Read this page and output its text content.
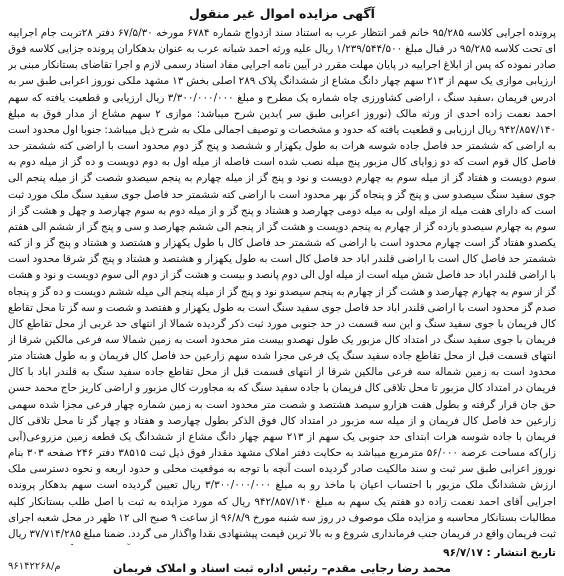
آگهی مزایده اموال غیر منقول

پرونده اجرایی کلاسه ۹۵/۲۸۵ خانم قمر انتظار عرب به استناد سند ازدواج شماره ۶۷۸۴ مورخه ۶۷/۵/۳۰ دفتر ۲۸تربت جام اجراییه ای تحت کلاسه ۹۵/۲۸۵ در قبال مبلغ ۱/۲۳۹/۵۴۴/۵۰۰ ریال علیه ورثه احمد شبانه عرب به عنوان بدهکاران پرونده جزایی کلاسه فوق صادر نموده که پس از ابلاغ اجراییه در پایان مهلت مقرر در آیین نامه اجرایی مفاد اسناد رسمی لازم و اجرا تقاضای بستانکار مبنی بر ارزیابی موازی یک سهم از ۲۱۳ سهم چهار دانگ مشاع از ششدانگ پلاک ۲۸۹ اصلی بخش ۱۳ مشهد ملکی نوروز اعرابی طبق سر به ادرس فریمان ،سفید سنگ ، اراضی کشاورزی چاه شماره یک مطرح و مبلغ ۳/۳۰۰/۰۰۰/۰۰۰ ریال ارزیابی و قطعیت یافته که سهم احمد نعمت زاده احدی از ورثه مالک (نوروز اعرابی طبق سر )بدین شرح میباشد: موازی ۲ سهم مشاع از مدار فوق به مبلغ ۹۴۲/۸۵۷/۱۴۰ ریال ارزیابی و قطعیت یافته که حدود و مشخصات و توصیف اجمالی ملک به شرح ذیل میباشد: جنوبا اول محدود است به اراضی که ششمتر حد فاصل جاده شوسه هرات به طول یکهزار و ششصد و پنج گز دوم محدود است با اراضی کته ششمتر حد فاصل کال قوم است که دو زوایای کال مزبور پنج میله نصب شده است فاصله از میله اول به دوم دویست و ده گز از میله دوم به سوم دویست و هفتاد گز از میله سوم به چهارم دویست و نود و پنج گز از میله چهارم به پنجم سیصدو شصت گز از میله پنجم الی جوی سفید سنگ سیصدو سی و پنج گز و پنجاه گز بهر محدود است با اراضی کته ششمتر حد فاصل جوی سفید سنگ ملک مورد ثبت است که دارای هفت میله از میله اولی به میله دومی چهارصد و هشتاد و پنج گز و از میله دوم به سوم چهارصد و چهل و هشت گز از سوم به چهارم سیصدو یازده گز از چهارم به پنجم دویست و هشت گز از پنجم الی ششم چهارصد و سی و پنج گز از ششم الی هفتم یکصدو هفتاد گز است چهارم محدود است با اراضی که ششمتر حد فاصل کال با طول یکهزار و هشتصد و هشتاد و پنج گز و از کته ششمتر حد فاصل کال است با اراضی قلندر اباد حد فاصل کال است به طول یکهزار و هشتصد و هشتاد و پنج گز شرقا محدود است با اراضی قلندر اباد حد فاصل شش میله است از میله اول الی دوم پانصد و بیست و هشت گز از دوم الی سوم دویست و نود و هشت گز از سوم به چهارم چهارصد و هشت گز از چهارم به پنجم سیصدو نود و پنج گز از میله پنجم الی میله ششم دویست و ده گز و پنجاه صدم گز محدود است با اراضی قلندر اباد حد فاصل جوی سفید سنگ است به طول یکهزار و هفتصد و شصت و سه گز تا محل تقاطع کال فریمان با جوی سفید سنگ و این سه قسمت در حد جنوبی مورد ثبت ذکر گردیده شمالا از انتهای حد غربی از محل تقاطع کال فریمان با جوی سفید سنگ در امتداد کال مزبور یک طول نهصدو بیست متر محدود است به زمین شمالا سه فرعی مالکین شرقا از انتهای قسمت قبل از محل تقاطع جاده سفید سنگ یک فرعی مجزا شده سهم زارعین حد فاصل کال فریمان و به طول هشتاد متر محدود است به زمین شماله سه فرعی مالکین شرقا از انتهای قسمت قبل از محل تقاطع جاده سفید سنگ به قلندر اباد با کال فریمان در امتداد کال مزبور تا محل تلاقی کال فریمان با جاده سفید سنگ که به مجاورت کال مزبور و اراضی کاریز حاج محمد حسن حق جان قرار گرفته و بطول هفت هزارو سیصد هشتصد و شصت متر محدود است به زمین شماره چهار فرعی مجزا شده سهمی زارعین حد فاصل کال فریمان و از میله سه مزبور در امتداد کال فوق الذکر بطول چهارصد و هفتاد و چهار گز تا محل تلاقی کال فریمان با جاده شوسه هرات ابتدای حد جنوبی یک سهم از ۲۱۳ سهم چهار دانگ مشاع از ششدانگ یک قطعه زمین مزروعی(آبی زار)که مساحت عرصه ۵۶/۰۰۰ مترمربع میباشد به حکایت دفتر املاک مشهد مقدار فوق ذیل ثبت ۳۸۵۱۵ دفتر ۲۴۶ صفحه ۳۰۳ بنام نوروز اعرابی طبق سر ثبت و سند مالکیت صادر گردیده است آنچه با توجه به موقعیت محلی و حدود اربعه و نحوه دسترسی ملک ارزش ششدانگ ملک مزبور با احتساب اعیان با ماخذ رو به مبلغ ۳/۳۰۰/۰۰۰/۰۰۰ ریال تعیین گردیده است سهم بدهکار پرونده اجرایی آقای احمد نعمت زاده دو هفتم یک سهم به مبلغ ۹۴۲/۸۵۷/۱۴۰ ریال که مورد مزایده به ثبت با اصل طلب بستانکار کلیه مطالبات بستانکار محاسبه و مزایده ملک موصوف در روز سه شنبه مورخ ۹۶/۸/۹ از ساعت ۹ صبح الی ۱۲ ظهر در محل شعبه اجرای ثبت فریمان واقع در فریمان جنب فرمانداری شروع و به بالا ترین قیمت پیشنهادی نقدا واگذار می گردد. ضمنا مبلغ ۳۷/۷۱۴/۲۸۵ ریال

تاریخ انتشار : ۹۶/۷/۱۷
محمد رضا رجایی مقدم– رئیس اداره ثبت اسناد و املاک فریمان
۹۶۱۴۲۲۶۸/م
